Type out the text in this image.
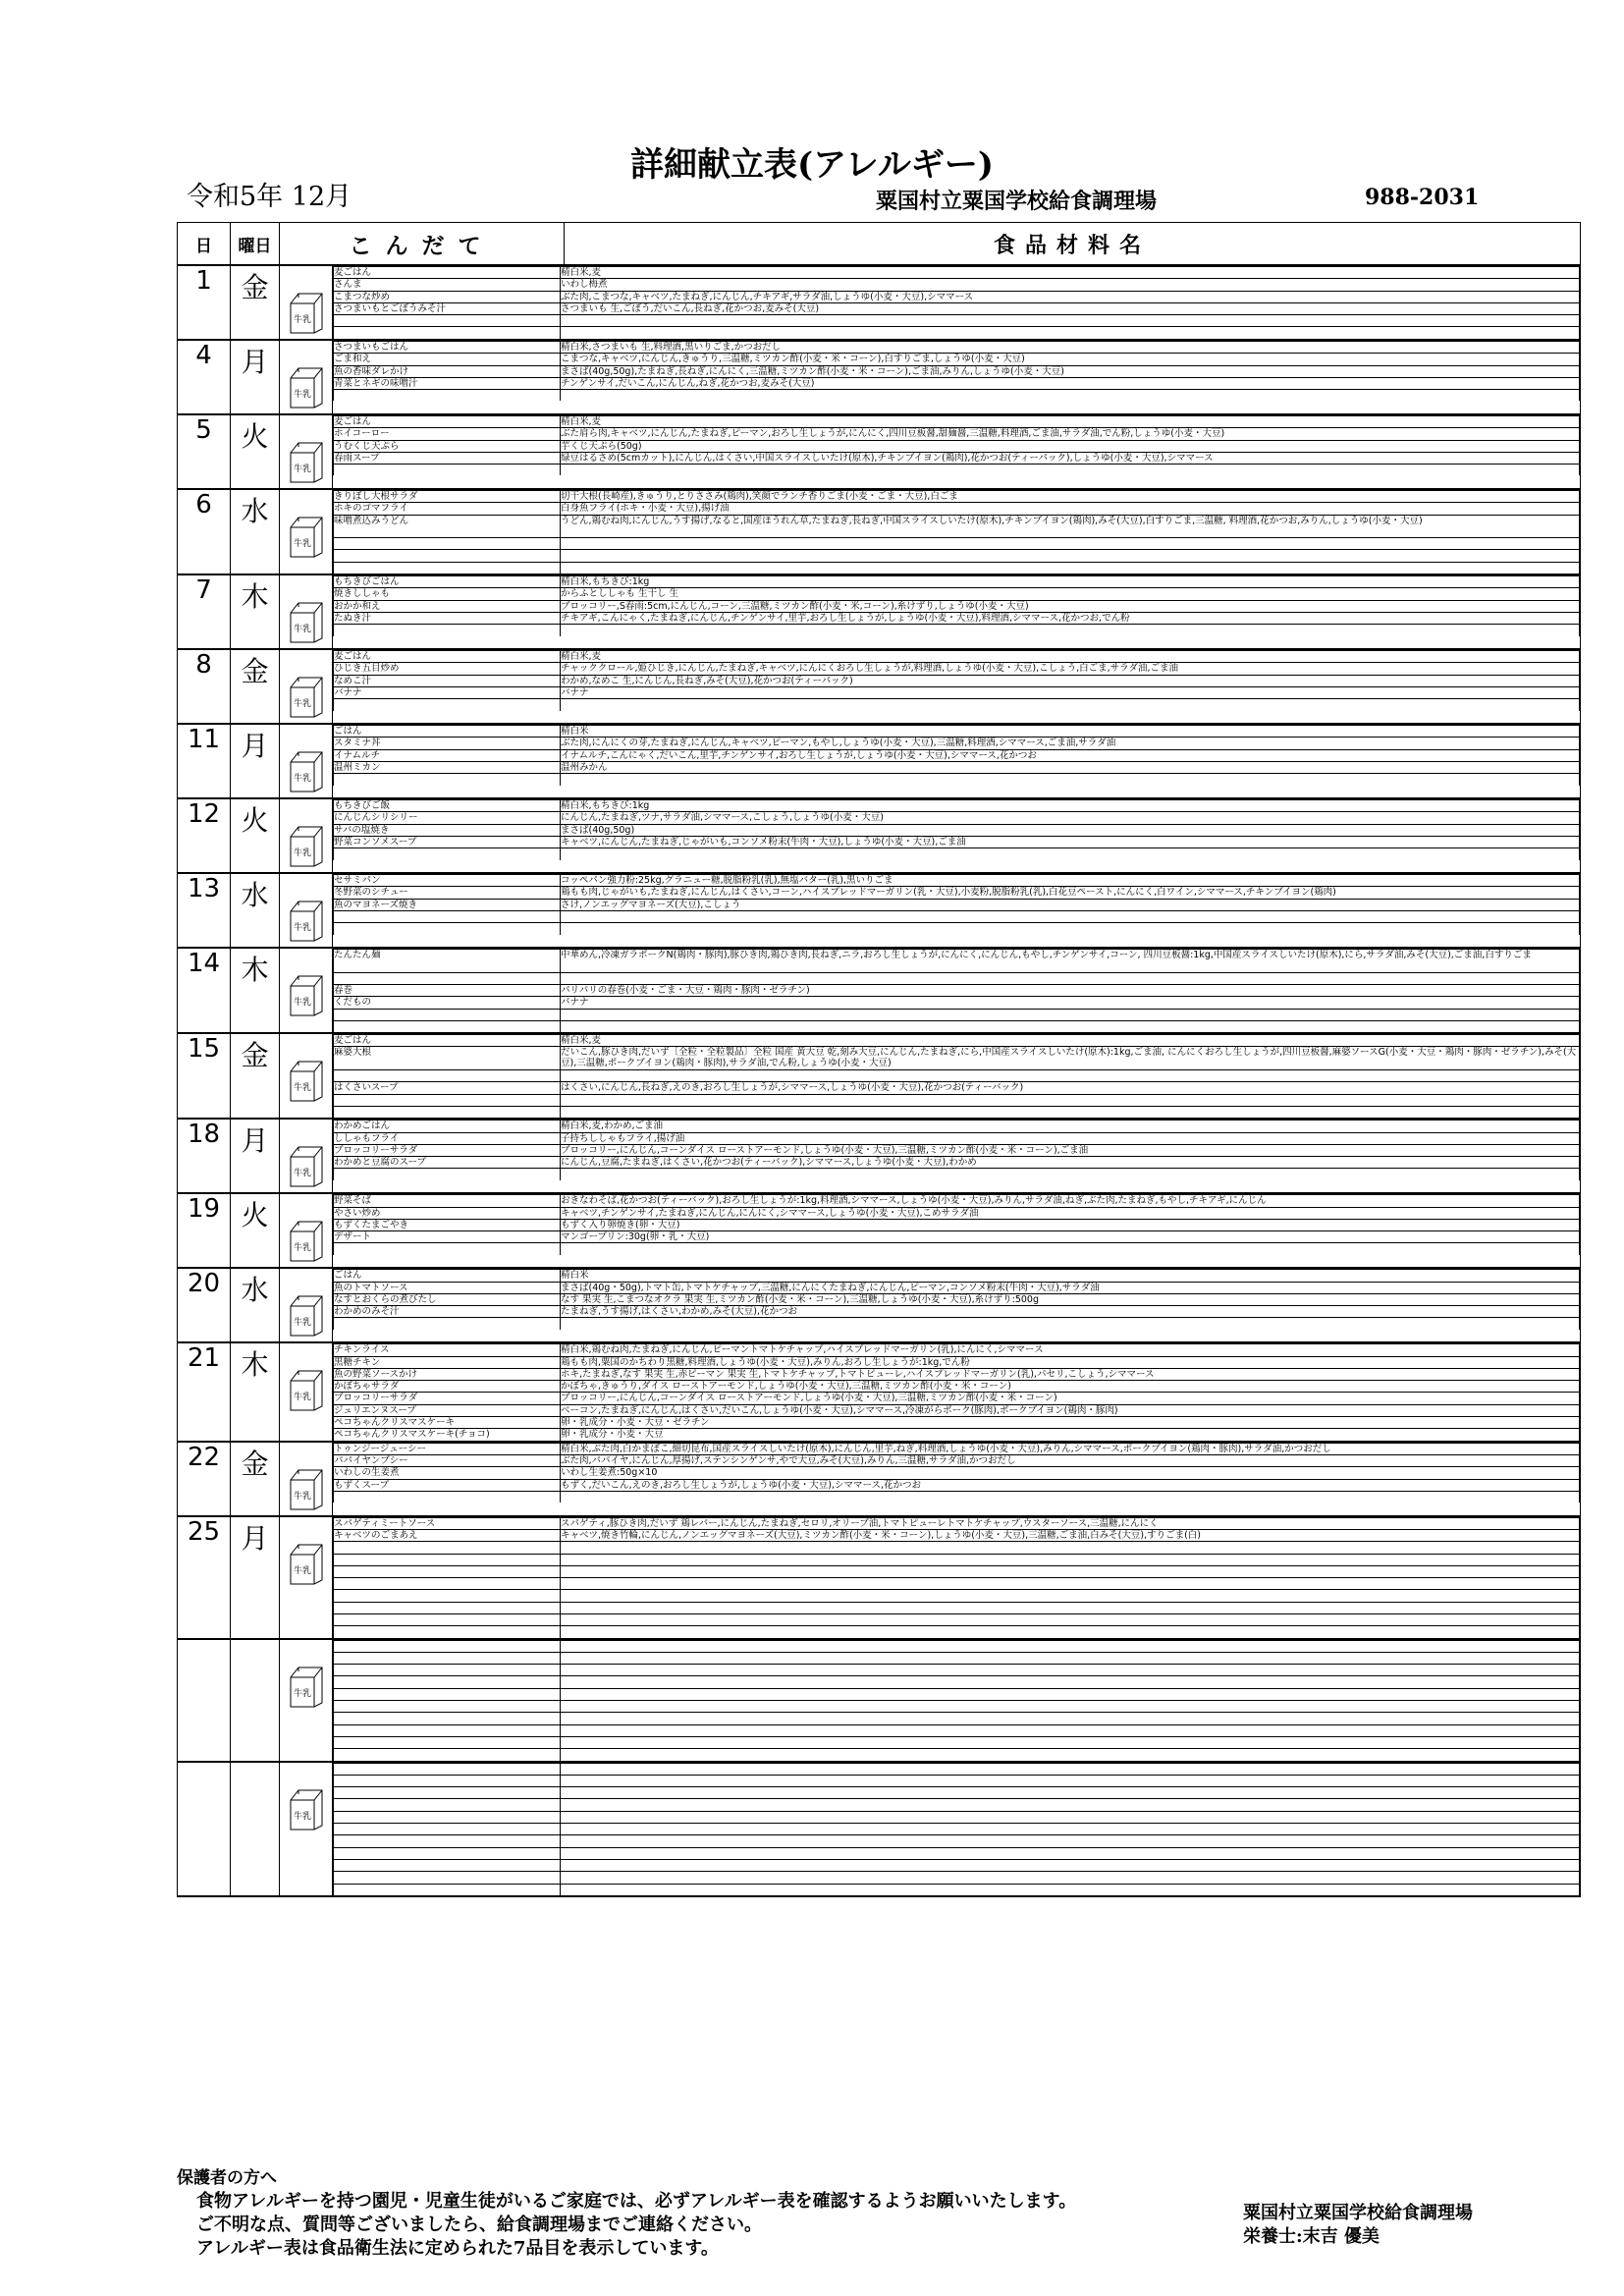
詳細献立表(アレルギー)
令和5年 12月	粟国村立粟国学校給食調理場	988-2031
日	曜日	こんだて	食品材料名
1	金	
牛乳

麦ごはん	精白米,麦
さんま	いわし梅煮
こまつな炒め	ぶた肉,こまつな,キャベツ,たまねぎ,にんじん,チキアギ,サラダ油,しょうゆ(小麦・大豆),シママース
さつまいもとごぼうみそ汁	さつまいも 生,ごぼう,だいこん,長ねぎ,花かつお,麦みそ(大豆)

4	月	
牛乳

さつまいもごはん	精白米,さつまいも 生,料理酒,黒いりごま,かつおだし
ごま和え	こまつな,キャベツ,にんじん,きゅうり,三温糖,ミツカン酢(小麦・米・コーン),白すりごま,しょうゆ(小麦・大豆)
魚の香味ダレかけ	まさば(40g,50g),たまねぎ,長ねぎ,にんにく,三温糖,ミツカン酢(小麦・米・コーン),ごま油,みりん,しょうゆ(小麦・大豆)
青菜とネギの味噌汁	チンゲンサイ,だいこん,にんじん,ねぎ,花かつお,麦みそ(大豆)

5	火	
牛乳

麦ごはん	精白米,麦
ホイコーロー	ぶた肩ら肉,キャベツ,にんじん,たまねぎ,ピーマン,おろし生しょうが,にんにく,四川豆板醤,甜麺醤,三温糖,料理酒,ごま油,サラダ油,でん粉,しょうゆ(小麦・大豆)
うむくじ天ぷら	芋くじ天ぷら(50g)
春雨スープ	緑豆はるさめ(5cmカット),にんじん,はくさい,中国スライスしいたけ(原木),チキンブイヨン(鶏肉),花かつお(ティーパック),しょうゆ(小麦・大豆),シママース

6	水	
牛乳

きりぼし大根サラダ	切干大根(長崎産),きゅうり,とりささみ(鶏肉),笑顔でランチ香りごま(小麦・ごま・大豆),白ごま
ホキのゴマフライ	白身魚フライ(ホキ・小麦・大豆),揚げ油
味噌煮込みうどん	うどん,鶏むね肉,にんじん,うす揚げ,なると,国産ほうれん草,たまねぎ,長ねぎ,中国スライスしいたけ(原木),チキンブイヨン(鶏肉),みそ(大豆),白すりごま,三温糖, 料理酒,花かつお,みりん,しょうゆ(小麦・大豆)

7	木	
牛乳

もちきびごはん	精白米,もちきび:1kg
焼きししゃも	からふとししゃも 生干し 生
おかか和え	ブロッコリー,S春雨:5cm,にんじん,コーン,三温糖,ミツカン酢(小麦・米,コーン),糸けずり,しょうゆ(小麦・大豆)
たぬき汁	チキアギ,こんにゃく,たまねぎ,にんじん,チンゲンサイ,里芋,おろし生しょうが,しょうゆ(小麦・大豆),料理酒,シママース,花かつお,でん粉

8	金	
牛乳

麦ごはん	精白米,麦
ひじき五目炒め	チャッククロール,姫ひじき,にんじん,たまねぎ,キャベツ,にんにくおろし生しょうが,料理酒,しょうゆ(小麦・大豆),こしょう,白ごま,サラダ油,ごま油
なめこ汁	わかめ,なめこ 生,にんじん,長ねぎ,みそ(大豆),花かつお(ティーパック)
バナナ	バナナ

11	月	
牛乳

ごはん	精白米
スタミナ丼	ぶた肉,にんにくの芽,たまねぎ,にんじん,キャベツ,ピーマン,もやし,しょうゆ(小麦・大豆),三温糖,料理酒,シママース,ごま油,サラダ油
イナムルチ	イナムルチ,こんにゃく,だいこん,里芋,チンゲンサイ,おろし生しょうが,しょうゆ(小麦・大豆),シママース,花かつお
温州ミカン	温州みかん

12	火	
牛乳

もちきびご飯	精白米,もちきび:1kg
にんじんシリシリー	にんじん,たまねぎ,ツナ,サラダ油,シママース,こしょう,しょうゆ(小麦・大豆)
サバの塩焼き	まさば(40g,50g)
野菜コンソメスープ	キャベツ,にんじん,たまねぎ,じゃがいも,コンソメ粉末(牛肉・大豆),しょうゆ(小麦・大豆),ごま油

13	水	
牛乳

セサミパン	コッペパン強力粉:25kg,グラニュー糖,脱脂粉乳(乳),無塩バター(乳),黒いりごま
冬野菜のシチュー	鶏もも肉,じゃがいも,たまねぎ,にんじん,はくさい,コーン,ハイスプレッドマーガリン(乳・大豆),小麦粉,脱脂粉乳(乳),白花豆ペースト,にんにく,白ワイン,シママース,チキンブイヨン(鶏肉)
魚のマヨネーズ焼き	さけ,ノンエッグマヨネーズ(大豆),こしょう

14	木	
牛乳

たんたん麺	中華めん,冷凍ガラポークN(鶏肉・豚肉),豚ひき肉,鶏ひき肉,長ねぎ,ニラ,おろし生しょうが,にんにく,にんじん,もやし,チンゲンサイ,コーン, 四川豆板醤:1kg,中国産スライスしいたけ(原木),にら,サラダ油,みそ(大豆),ごま油,白すりごま

春巻	パリパリの春巻(小麦・ごま・大豆・鶏肉・豚肉・ゼラチン)
くだもの	バナナ

15	金	
牛乳

麦ごはん	精白米,麦
麻婆大根	だいこん,豚ひき肉,だいず〔全粒・全粒製品〕全粒 国産 黄大豆 乾,刻み大豆,にんじん,たまねぎ,にら,中国産スライスしいたけ(原木):1kg,ごま油, にんにくおろし生しょうが,四川豆板醤,麻婆ソースG(小麦・大豆・鶏肉・豚肉・ゼラチン),みそ(大豆),三温糖,ポークブイヨン(鶏肉・豚肉),サラダ油,でん粉,しょうゆ(小麦・大豆)

はくさいスープ	はくさい,にんじん,長ねぎ,えのき,おろし生しょうが,シママース,しょうゆ(小麦・大豆),花かつお(ティーバック)

18	月	
牛乳

わかめごはん	精白米,麦,わかめ,ごま油
ししゃもフライ	子持ちししゃもフライ,揚げ油
ブロッコリーサラダ	ブロッコリー,にんじん,コーンダイス ローストアーモンド,しょうゆ(小麦・大豆),三温糖,ミツカン酢(小麦・米・コーン),ごま油
わかめと豆腐のスープ	にんじん,豆腐,たまねぎ,はくさい,花かつお(ティーバック),シママース,しょうゆ(小麦・大豆),わかめ

19	火	
牛乳

野菜そば	おきなわそば,花かつお(ティーバック),おろし生しょうが:1kg,料理酒,シママース,しょうゆ(小麦・大豆),みりん,サラダ油,ねぎ,ぶた肉,たまねぎ,もやし,チキアギ,にんじん
やさい炒め	キャベツ,チンゲンサイ,たまねぎ,にんじん,にんにく,シママース,しょうゆ(小麦・大豆),こめサラダ油
もずくたまごやき	もずく入り卵焼き(卵・大豆)
デザート	マンゴープリン:30g(卵・乳・大豆)

20	水	
牛乳

ごはん	精白米
魚のトマトソース	まさば(40g・50g),トマト缶,トマトケチャップ,三温糖,にんにくたまねぎ,にんじん,ピーマン,コンソメ粉末(牛肉・大豆),サラダ油
なすとおくらの煮びたし	なす 果実 生,こまつなオクラ 果実 生,ミツカン酢(小麦・米・コーン),三温糖,しょうゆ(小麦・大豆),糸けずり:500g
わかめのみそ汁	たまねぎ,うす揚げ,はくさい,わかめ,みそ(大豆),花かつお

21	木	
牛乳

チキンライス	精白米,鶏むね肉,たまねぎ,にんじん,ピーマントマトケチャップ,ハイスプレッドマーガリン(乳),にんにく,シママース
黒糖チキン	鶏もも肉,粟国のかちわり黒糖,料理酒,しょうゆ(小麦・大豆),みりん,おろし生しょうが:1kg,でん粉
魚の野菜ソースかけ	ホキ,たまねぎ,なす 果実 生,赤ピーマン 果実 生,トマトケチャップ,トマトピューレ,ハイスプレッドマーガリン(乳),パセリ,こしょう,シママース
かぼちゃサラダ	かぼちゃ,きゅうり,ダイス ローストアーモンド,しょうゆ(小麦・大豆),三温糖,ミツカン酢(小麦・米・コーン)
ブロッコリーサラダ	ブロッコリー,にんじん,コーンダイス ローストアーモンド,しょうゆ(小麦・大豆),三温糖,ミツカン酢(小麦・米・コーン)
ジュリエンヌスープ	ベーコン,たまねぎ,にんじん,はくさい,だいこん,しょうゆ(小麦・大豆),シママース,冷凍がらポーク(豚肉),ポークブイヨン(鶏肉・豚肉)
ペコちゃんクリスマスケーキ	卵・乳成分・小麦・大豆・ゼラチン
ペコちゃんクリスマスケーキ(チョコ)	卵・乳成分・小麦・大豆

22	金	
牛乳

トゥンジージューシー	精白米,ぶた肉,白かまぼこ,細切昆布,国産スライスしいたけ(原木),にんじん,里芋,ねぎ,料理酒,しょうゆ(小麦・大豆),みりん,シママース,ポークブイヨン(鶏肉・豚肉),サラダ油,かつおだし
パパイヤンブシー	ぶた肉,パパイヤ,にんじん,厚揚げ,ステンシンゲンサ,やで大豆,みそ(大豆),みりん,三温糖,サラダ油,かつおだし
いわしの生姜煮	いわし生姜煮:50g×10
もずくスープ	もずく,だいこん,えのき,おろし生しょうが,しょうゆ(小麦・大豆),シママース,花かつお

25	月	
牛乳

スパゲティミートソース	スパゲティ,豚ひき肉,だいず 鶏レバー,にんじん,たまねぎ,セロリ,オリーブ油,トマトピューレトマトケチャップ,ウスターソース,三温糖,にんにく
キャベツのごまあえ	キャベツ,焼き竹輪,にんじん,ノンエッグマヨネーズ(大豆),ミツカン酢(小麦・米・コーン),しょうゆ(小麦・大豆),三温糖,ごま油,白みそ(大豆),すりごま(白)

牛乳

牛乳

保護者の方へ
食物アレルギーを持つ園児・児童生徒がいるご家庭では、必ずアレルギー表を確認するようお願いいたします。
ご不明な点、質問等ございましたら、給食調理場までご連絡ください。
アレルギー表は食品衛生法に定められた7品目を表示しています。
粟国村立粟国学校給食調理場
栄養士:末吉 優美
